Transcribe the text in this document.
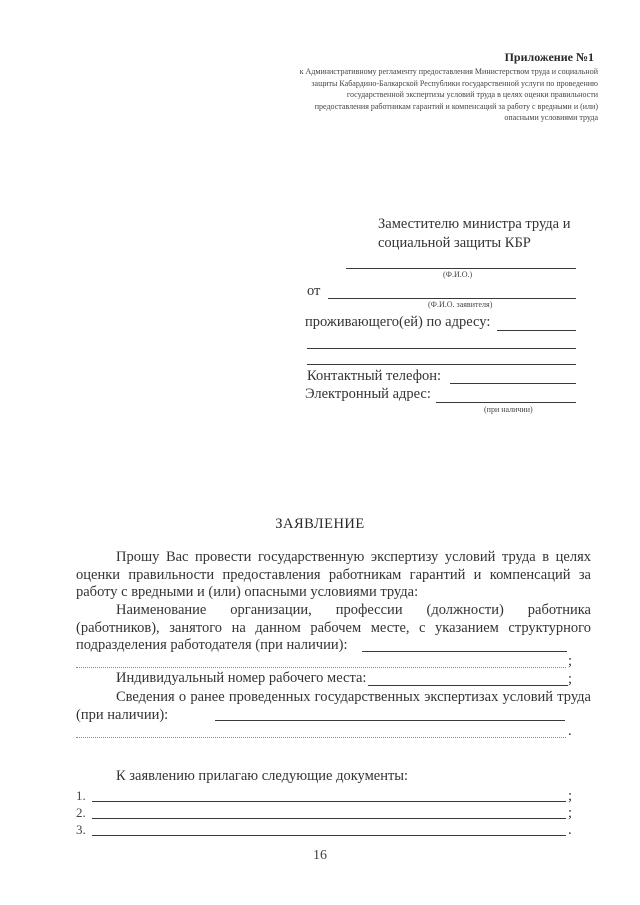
Приложение №1
к Административному регламенту предоставления Министерством труда и социальной защиты Кабардино-Балкарской Республики государственной услуги по проведению государственной экспертизы условий труда в целях оценки правильности предоставления работникам гарантий и компенсаций за работу с вредными и (или) опасными условиями труда
Заместителю министра труда и
социальной защиты КБР
(Ф.И.О.)
от
(Ф.И.О. заявителя)
проживающего(ей) по адресу:
Контактный телефон:
Электронный адрес:
(при наличии)
ЗАЯВЛЕНИЕ

Прошу Вас провести государственную экспертизу условий труда в целях оценки правильности предоставления работникам гарантий и компенсаций за работу с вредными и (или) опасными условиями труда:

Наименование организации, профессии (должности) работника (работников), занятого на данном рабочем месте, с указанием структурного подразделения работодателя (при наличии):

;
Индивидуальный номер рабочего места:	;

Сведения о ранее проведенных государственных экспертизах условий труда (при наличии):

.
К заявлению прилагаю следующие документы:
1.	;
2.	;
3.	.
16
